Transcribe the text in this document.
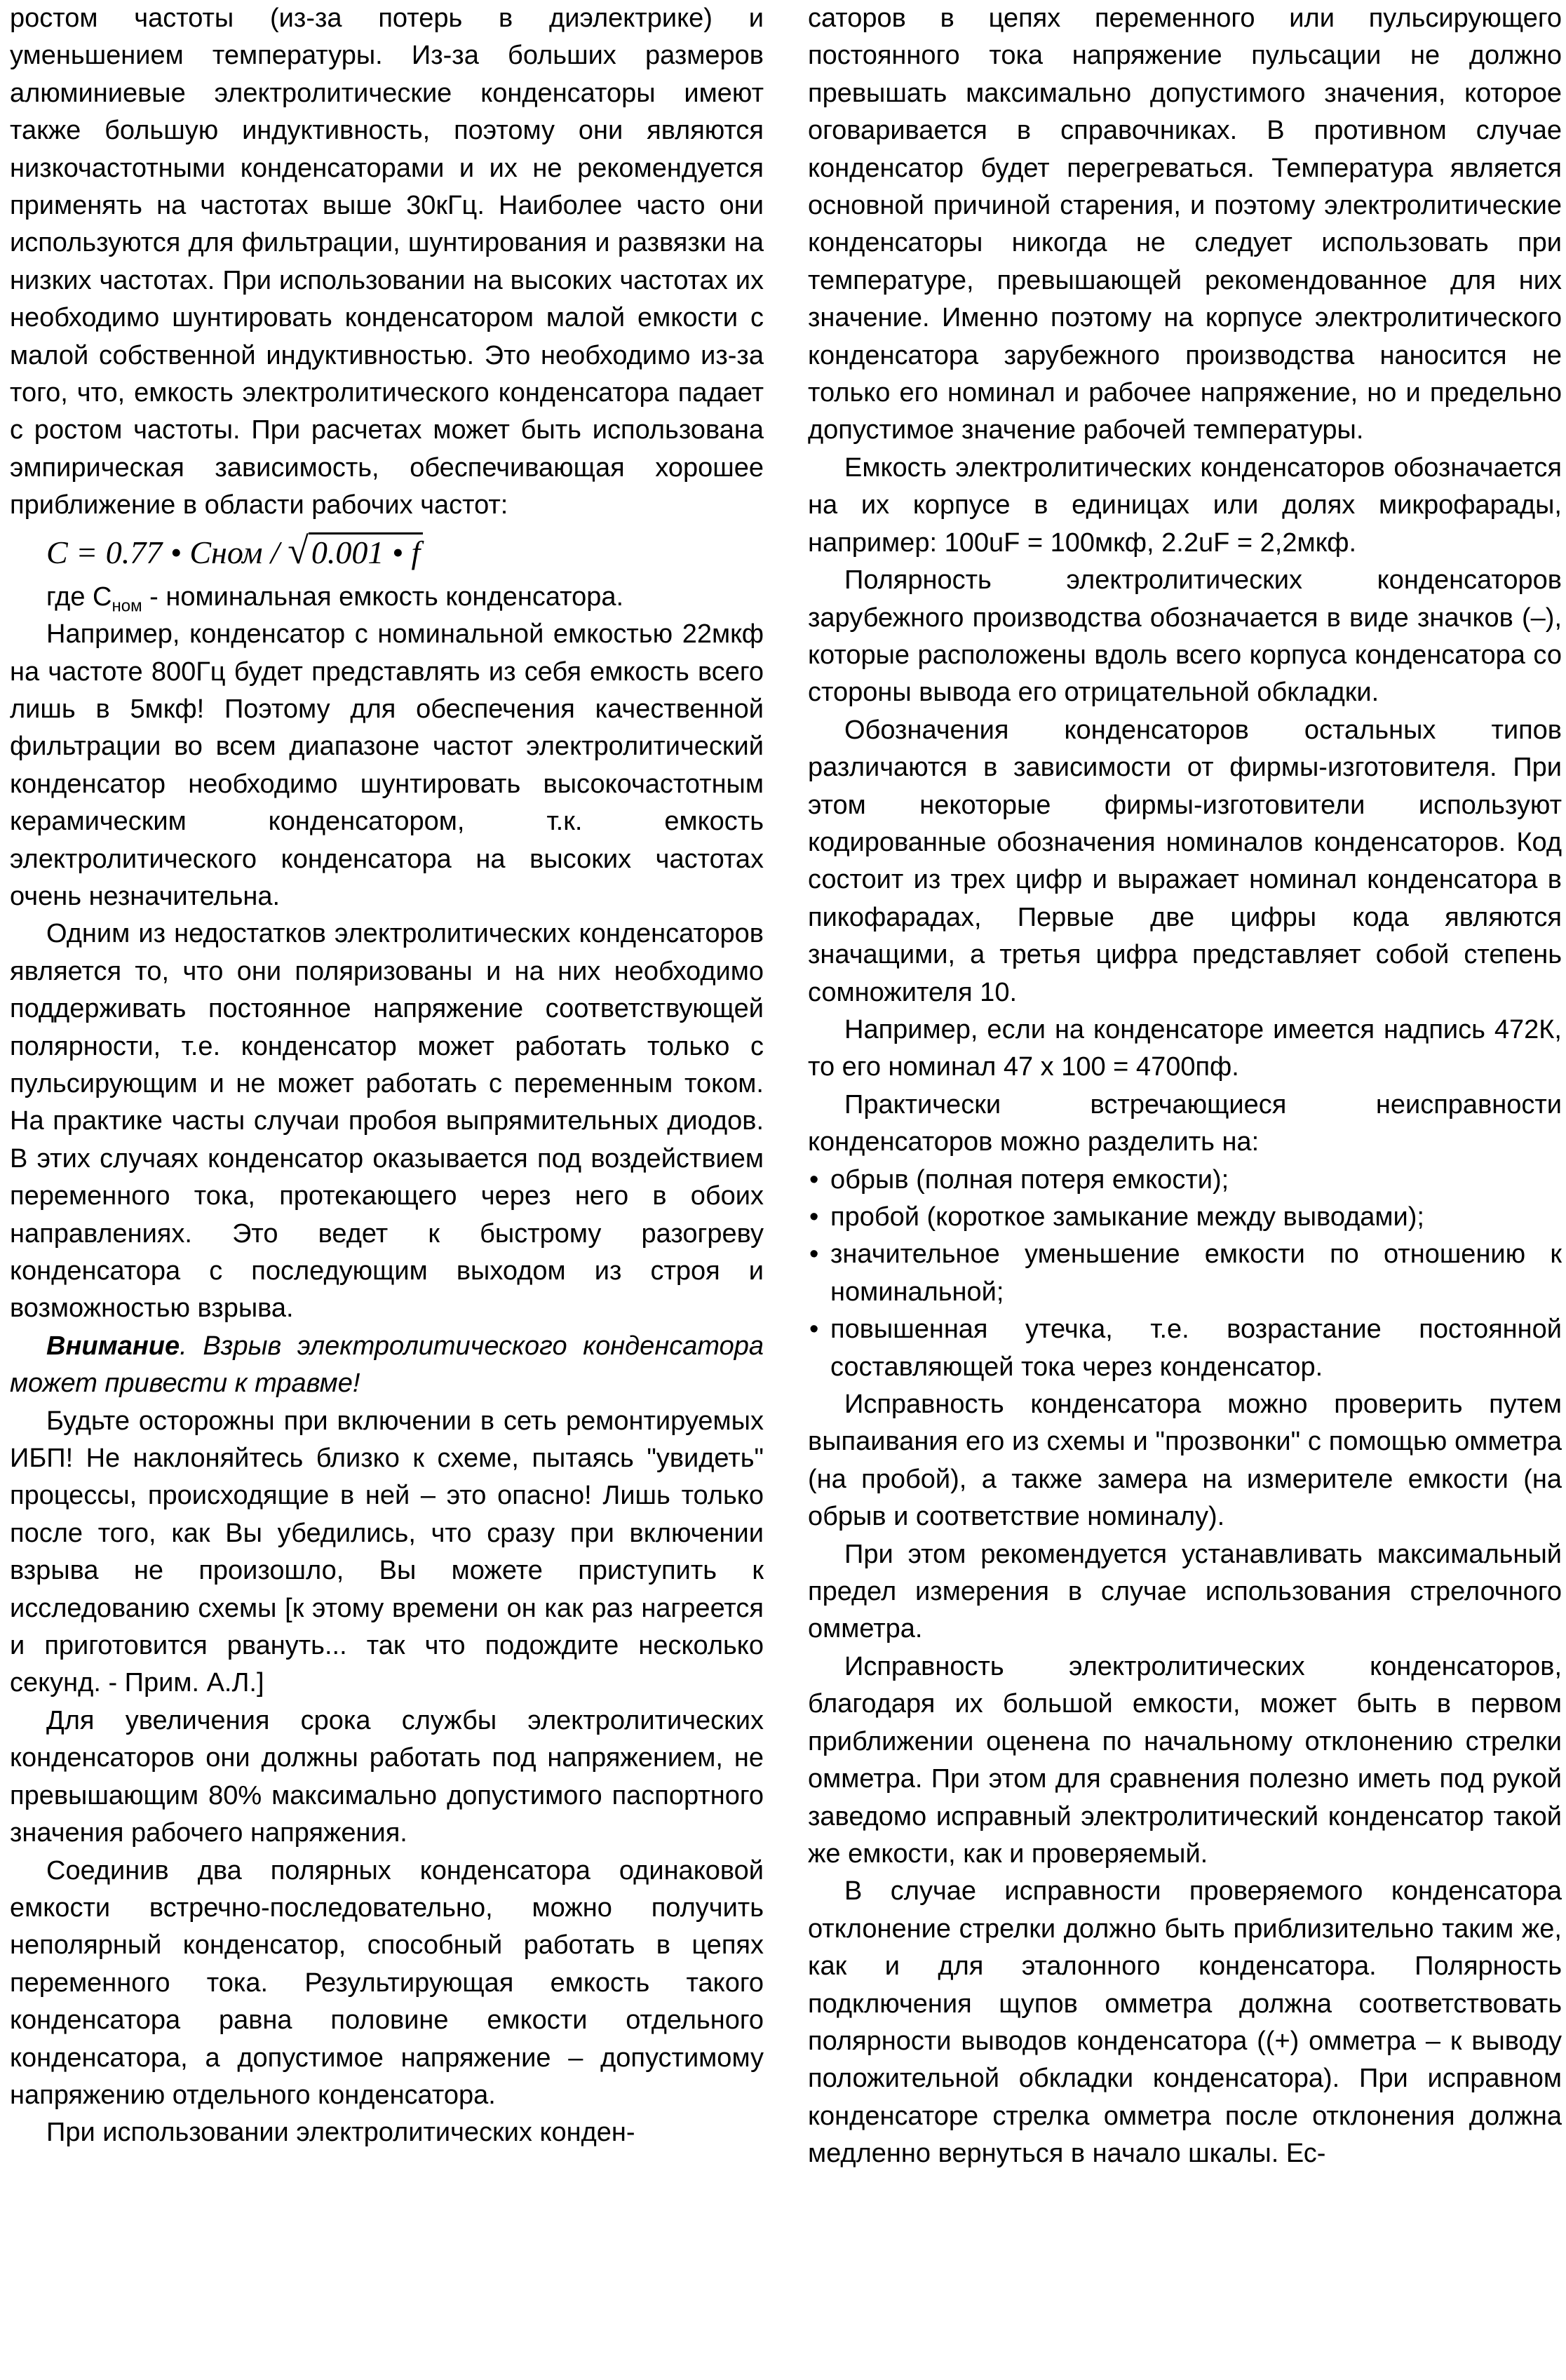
ростом частоты (из-за потерь в диэлектрике) и уменьшением температуры. Из-за больших размеров алюминиевые электролитические конденсаторы имеют также большую индуктивность, поэтому они являются низкочастотными конденсаторами и их не рекомендуется применять на частотах выше 30кГц. Наиболее часто они используются для фильтрации, шунтирования и развязки на низких частотах. При использовании на высоких частотах их необходимо шунтировать конденсатором малой емкости с малой собственной индуктивностью. Это необходимо из-за того, что, емкость электролитического конденсатора падает с ростом частоты. При расчетах может быть использована эмпирическая зависимость, обеспечивающая хорошее приближение в области рабочих частот:

C = 0.77 • Cном / √0.001 • f

где $C_{ном}$ - номинальная емкость конденсатора.

Например, конденсатор с номинальной емкостью 22мкф на частоте 800Гц будет представлять из себя емкость всего лишь в 5мкф! Поэтому для обеспечения качественной фильтрации во всем диапазоне частот электролитический конденсатор необходимо шунтировать высокочастотным керамическим конденсатором, т.к. емкость электролитического конденсатора на высоких частотах очень незначительна.

Одним из недостатков электролитических конденсаторов является то, что они поляризованы и на них необходимо поддерживать постоянное напряжение соответствующей полярности, т.е. конденсатор может работать только с пульсирующим и не может работать с переменным током. На практике часты случаи пробоя выпрямительных диодов. В этих случаях конденсатор оказывается под воздействием переменного тока, протекающего через него в обоих направлениях. Это ведет к быстрому разогреву конденсатора с последующим выходом из строя и возможностью взрыва.

Внимание. Взрыв электролитического конденсатора может привести к травме!

Будьте осторожны при включении в сеть ремонтируемых ИБП! Не наклоняйтесь близко к схеме, пытаясь "увидеть" процессы, происходящие в ней – это опасно! Лишь только после того, как Вы убедились, что сразу при включении взрыва не произошло, Вы можете приступить к исследованию схемы [к этому времени он как раз нагреется и приготовится рвануть... так что подождите несколько секунд. - Прим. А.Л.]

Для увеличения срока службы электролитических конденсаторов они должны работать под напряжением, не превышающим 80% максимально допустимого паспортного значения рабочего напряжения.

Соединив два полярных конденсатора одинаковой емкости встречно-последовательно, можно получить неполярный конденсатор, способный работать в цепях переменного тока. Результирующая емкость такого конденсатора равна половине емкости отдельного конденсатора, а допустимое напряжение – допустимому напряжению отдельного конденсатора.

При использовании электролитических конден-

саторов в цепях переменного или пульсирующего постоянного тока напряжение пульсации не должно превышать максимально допустимого значения, которое оговаривается в справочниках. В противном случае конденсатор будет перегреваться. Температура является основной причиной старения, и поэтому электролитические конденсаторы никогда не следует использовать при температуре, превышающей рекомендованное для них значение. Именно поэтому на корпусе электролитического конденсатора зарубежного производства наносится не только его номинал и рабочее напряжение, но и предельно допустимое значение рабочей температуры.

Емкость электролитических конденсаторов обозначается на их корпусе в единицах или долях микрофарады, например: 100uF = 100мкф, 2.2uF = 2,2мкф.

Полярность электролитических конденсаторов зарубежного производства обозначается в виде значков (–), которые расположены вдоль всего корпуса конденсатора со стороны вывода его отрицательной обкладки.

Обозначения конденсаторов остальных типов различаются в зависимости от фирмы-изготовителя. При этом некоторые фирмы-изготовители используют кодированные обозначения номиналов конденсаторов. Код состоит из трех цифр и выражает номинал конденсатора в пикофарадах, Первые две цифры кода являются значащими, а третья цифра представляет собой степень сомножителя 10.

Например, если на конденсаторе имеется надпись 472К, то его номинал 47 х 100 = 4700пф.

Практически встречающиеся неисправности конденсаторов можно разделить на:

• обрыв (полная потеря емкости);
• пробой (короткое замыкание между выводами);
• значительное уменьшение емкости по отношению к номинальной;
• повышенная утечка, т.е. возрастание постоянной составляющей тока через конденсатор.

Исправность конденсатора можно проверить путем выпаивания его из схемы и "прозвонки" с помощью омметра (на пробой), а также замера на измерителе емкости (на обрыв и соответствие номиналу).

При этом рекомендуется устанавливать максимальный предел измерения в случае использования стрелочного омметра.

Исправность электролитических конденсаторов, благодаря их большой емкости, может быть в первом приближении оценена по начальному отклонению стрелки омметра. При этом для сравнения полезно иметь под рукой заведомо исправный электролитический конденсатор такой же емкости, как и проверяемый.

В случае исправности проверяемого конденсатора отклонение стрелки должно быть приблизительно таким же, как и для эталонного конденсатора. Полярность подключения щупов омметра должна соответствовать полярности выводов конденсатора ((+) омметра – к выводу положительной обкладки конденсатора). При исправном конденсаторе стрелка омметра после отклонения должна медленно вернуться в начало шкалы. Ес-
